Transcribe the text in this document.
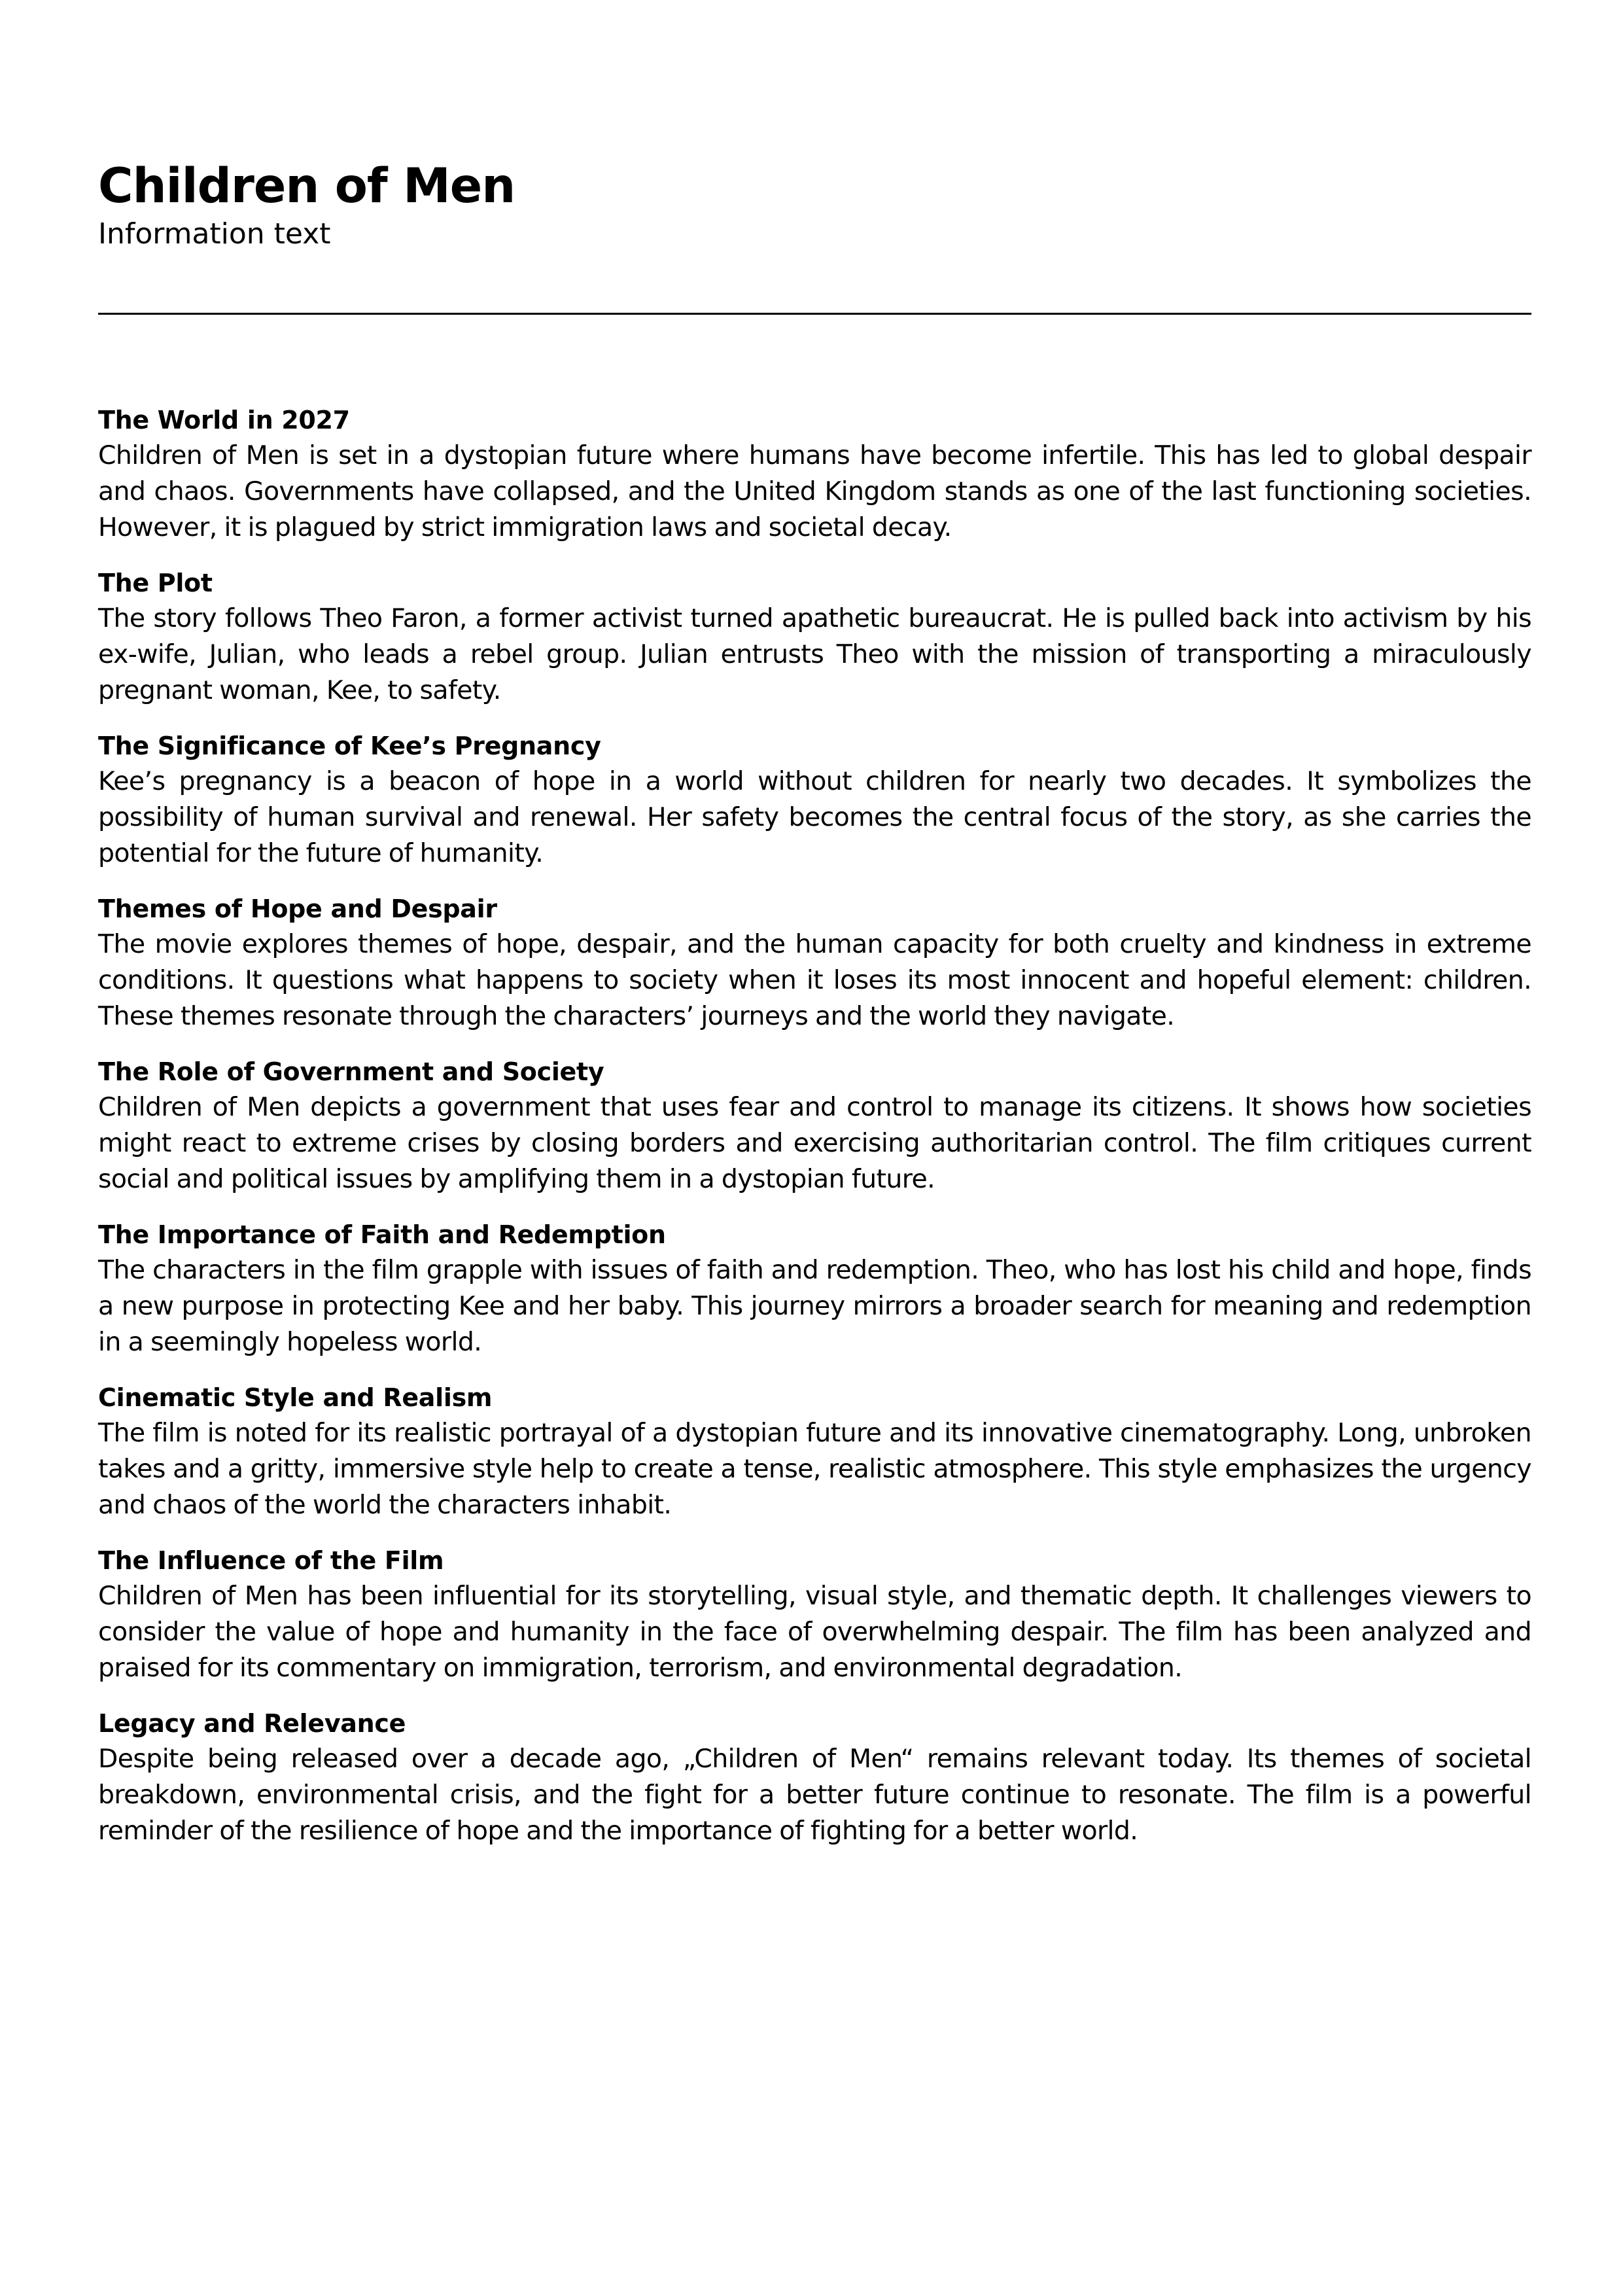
Children of Men

Information text

The World in 2027

Children of Men is set in a dystopian future where humans have become infertile. This has led to global despair and chaos. Governments have collapsed, and the United Kingdom stands as one of the last functioning societies. However, it is plagued by strict immigration laws and societal decay.

The Plot

The story follows Theo Faron, a former activist turned apathetic bureaucrat. He is pulled back into activism by his ex-wife, Julian, who leads a rebel group. Julian entrusts Theo with the mission of transporting a miraculously pregnant woman, Kee, to safety.

The Significance of Kee’s Pregnancy

Kee’s pregnancy is a beacon of hope in a world without children for nearly two decades. It symbolizes the possibility of human survival and renewal. Her safety becomes the central focus of the story, as she carries the potential for the future of humanity.

Themes of Hope and Despair

The movie explores themes of hope, despair, and the human capacity for both cruelty and kindness in extreme conditions. It questions what happens to society when it loses its most innocent and hopeful element: children. These themes resonate through the characters’ journeys and the world they navigate.

The Role of Government and Society

Children of Men depicts a government that uses fear and control to manage its citizens. It shows how societies might react to extreme crises by closing borders and exercising authoritarian control. The film critiques current social and political issues by amplifying them in a dystopian future.

The Importance of Faith and Redemption

The characters in the film grapple with issues of faith and redemption. Theo, who has lost his child and hope, finds a new purpose in protecting Kee and her baby. This journey mirrors a broader search for meaning and redemption in a seemingly hopeless world.

Cinematic Style and Realism

The film is noted for its realistic portrayal of a dystopian future and its innovative cinematography. Long, unbroken takes and a gritty, immersive style help to create a tense, realistic atmosphere. This style emphasizes the urgency and chaos of the world the characters inhabit.

The Influence of the Film

Children of Men has been influential for its storytelling, visual style, and thematic depth. It challenges viewers to consider the value of hope and humanity in the face of overwhelming despair. The film has been analyzed and praised for its commentary on immigration, terrorism, and environmental degradation.

Legacy and Relevance

Despite being released over a decade ago, „Children of Men“ remains relevant today. Its themes of societal breakdown, environmental crisis, and the fight for a better future continue to resonate. The film is a powerful reminder of the resilience of hope and the importance of fighting for a better world.
